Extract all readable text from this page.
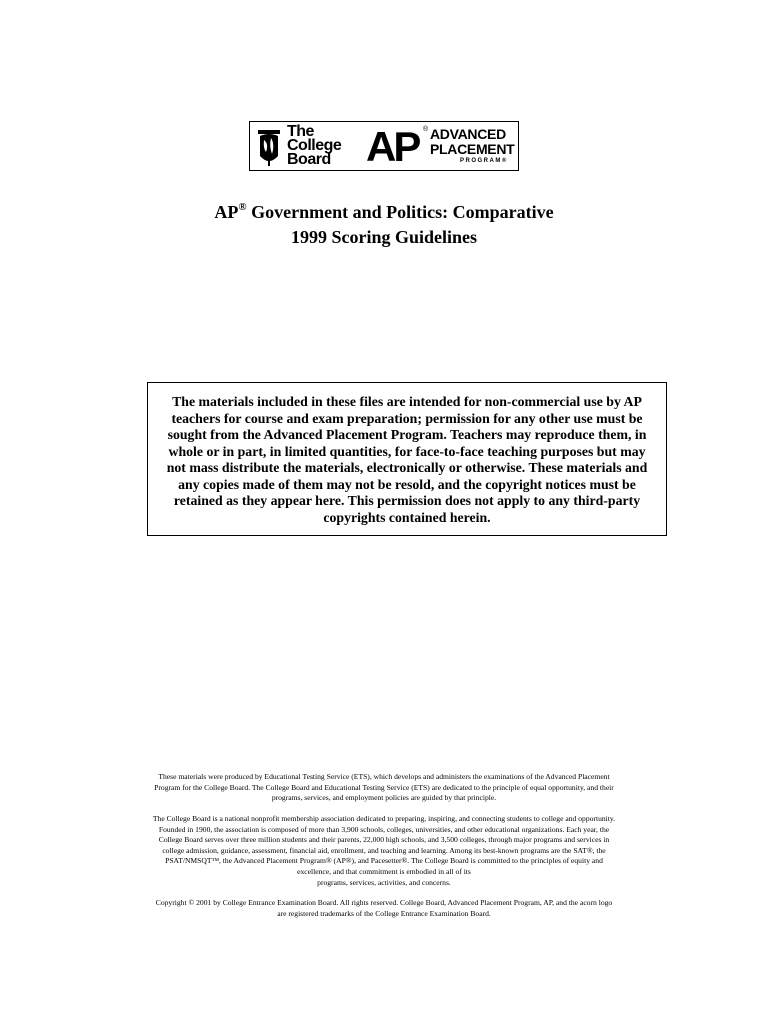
The
College
Board AP ® ADVANCED
PLACEMENT
PROGRAM®
AP® Government and Politics: Comparative
1999 Scoring Guidelines
The materials included in these files are intended for non-commercial use by AP teachers for course and exam preparation; permission for any other use must be sought from the Advanced Placement Program. Teachers may reproduce them, in whole or in part, in limited quantities, for face-to-face teaching purposes but may not mass distribute the materials, electronically or otherwise. These materials and any copies made of them may not be resold, and the copyright notices must be retained as they appear here. This permission does not apply to any third-party copyrights contained herein.
These materials were produced by Educational Testing Service (ETS), which develops and administers the examinations of the Advanced Placement
Program for the College Board. The College Board and Educational Testing Service (ETS) are dedicated to the principle of equal opportunity, and their
programs, services, and employment policies are guided by that principle.
The College Board is a national nonprofit membership association dedicated to preparing, inspiring, and connecting students to college and opportunity.
Founded in 1900, the association is composed of more than 3,900 schools, colleges, universities, and other educational organizations. Each year, the
College Board serves over three million students and their parents, 22,000 high schools, and 3,500 colleges, through major programs and services in
college admission, guidance, assessment, financial aid, enrollment, and teaching and learning. Among its best-known programs are the SAT®, the
PSAT/NMSQT™, the Advanced Placement Program® (AP®), and Pacesetter®. The College Board is committed to the principles of equity and
excellence, and that commitment is embodied in all of its
programs, services, activities, and concerns.
Copyright © 2001 by College Entrance Examination Board. All rights reserved. College Board, Advanced Placement Program, AP, and the acorn logo
are registered trademarks of the College Entrance Examination Board.
